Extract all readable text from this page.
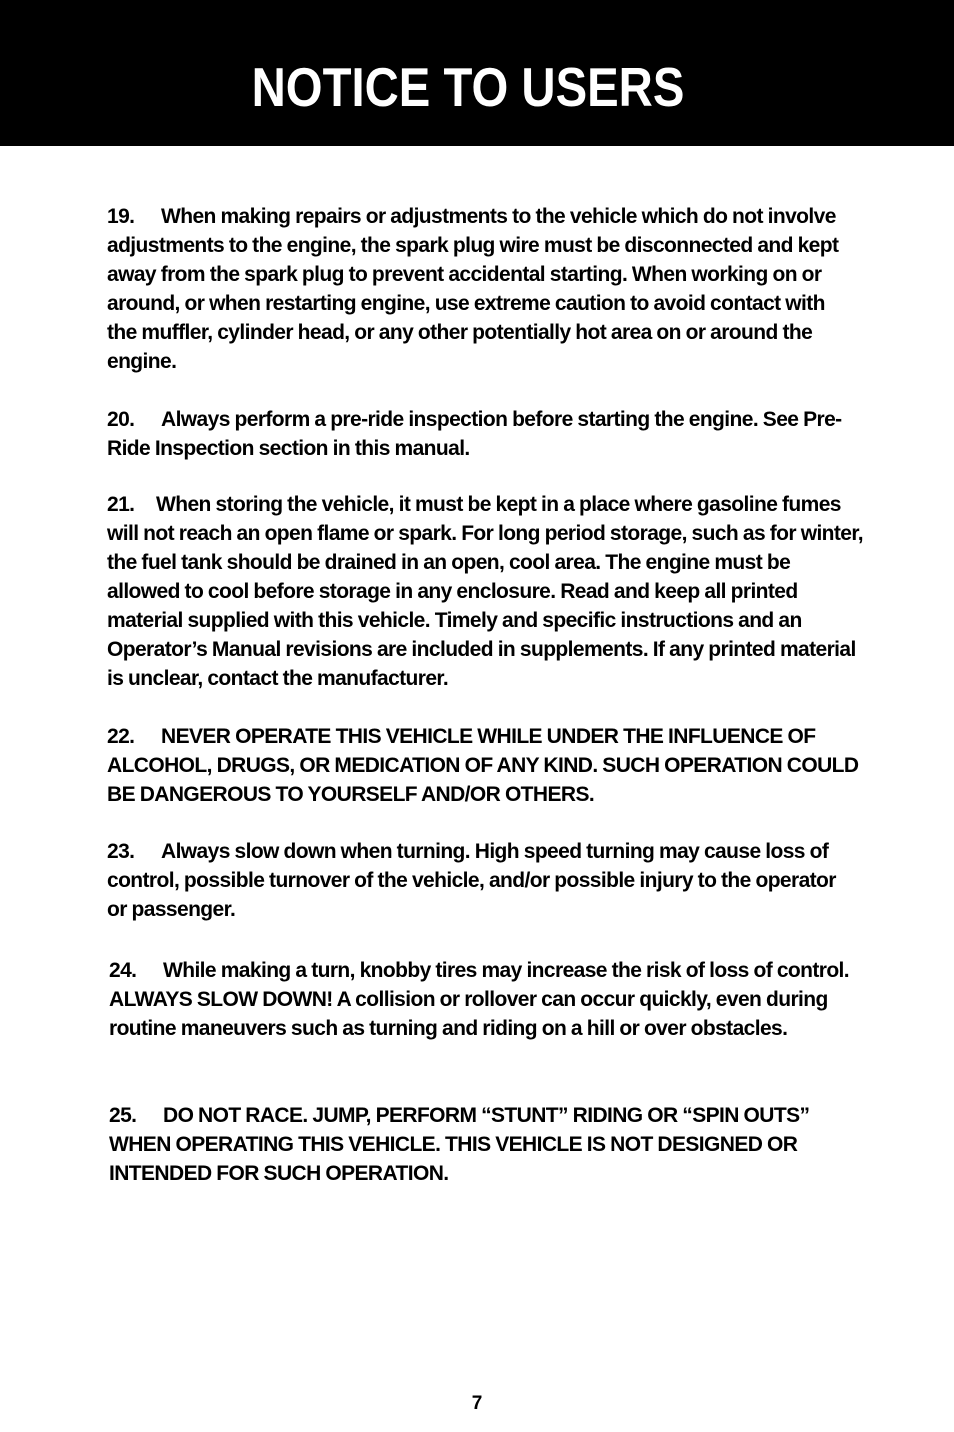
NOTICE TO USERS

19. When making repairs or adjustments to the vehicle which do not involve adjustments to the engine, the spark plug wire must be disconnected and kept away from the spark plug to prevent accidental starting. When working on or around, or when restarting engine, use extreme caution to avoid contact with the muffler, cylinder head, or any other potentially hot area on or around the engine.

20. Always perform a pre-ride inspection before starting the engine. See Pre-Ride Inspection section in this manual.

21. When storing the vehicle, it must be kept in a place where gasoline fumes will not reach an open flame or spark. For long period storage, such as for winter, the fuel tank should be drained in an open, cool area. The engine must be allowed to cool before storage in any enclosure. Read and keep all printed material supplied with this vehicle. Timely and specific instructions and an Operator’s Manual revisions are included in supplements. If any printed material is unclear, contact the manufacturer.

22. NEVER OPERATE THIS VEHICLE WHILE UNDER THE INFLUENCE OF ALCOHOL, DRUGS, OR MEDICATION OF ANY KIND. SUCH OPERATION COULD BE DANGEROUS TO YOURSELF AND/OR OTHERS.

23. Always slow down when turning. High speed turning may cause loss of control, possible turnover of the vehicle, and/or possible injury to the operator or passenger.

24. While making a turn, knobby tires may increase the risk of loss of control. ALWAYS SLOW DOWN! A collision or rollover can occur quickly, even during routine maneuvers such as turning and riding on a hill or over obstacles.

25. DO NOT RACE. JUMP, PERFORM “STUNT” RIDING OR “SPIN OUTS” WHEN OPERATING THIS VEHICLE. THIS VEHICLE IS NOT DESIGNED OR INTENDED FOR SUCH OPERATION.

7
